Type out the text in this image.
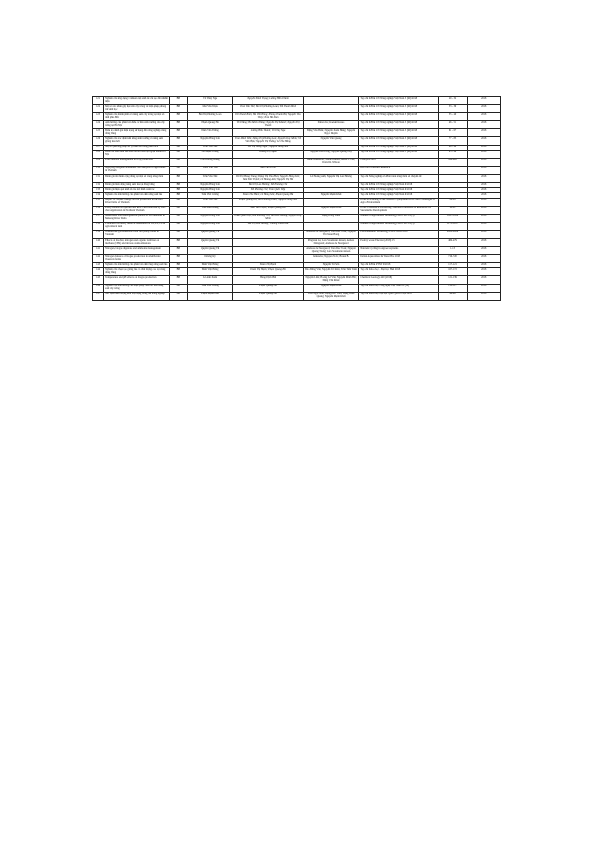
121	Nghiên cứu ứng dụng vi khuẩn nội sinh để cải tạo đất nhiễm mặn	BB	Võ Thùy Nga	Nguyễn Đình Trọng; Lương Hữu Thành		Tạp chí KH & CN Nông nghiệp Việt Nam 5 (90)/2018	29 - 32	2018
122	Một số tác nhân gây hại trên cây trồng và biện pháp phòng trừ sinh học	BB	Mai Văn Triệu	Trần Văn Thế; Bùi Thị Phương Loan; Đỗ Thanh Bình		Tạp chí KH & CN Nông nghiệp Việt Nam 5 (90)/2018	33 - 39	2018
123	Nghiên cứu thành phần và năng suất cây trồng tại một số tỉnh phía Bắc	BB	Bùi Thị Phương Loan	Đỗ Thanh Bình; Hà Viết Hùng; Phùng Thanh Hà; Nguyễn Thu Thủy; Trần Hà Nam		Tạp chí KH & CN Nông nghiệp Việt Nam 5 (90)/2018	35 - 40	2018
124	Ảnh hưởng của phân bón hữu cơ đến sinh trưởng của cây trồng tại Hà Nội	BB	Phạm Quang Hà	Võ Thắng; Hồ Minh Thắng; Nguyễn Thị Khánh; Nguyễn Thị Thanh	Simon Ito; Kazuki Kusuo	Tạp chí KH & CN Nông nghiệp Việt Nam 5 (90)/2018	46 - 51	2018
125	Điều tra đánh giá hiện trạng sử dụng đất nông nghiệp vùng đồng bằng	BB	Đàm Văn Thắng	Lương Hữu Thành; Võ Thùy Nga	Đặng Văn Hiền; Nguyễn Xuân Hùng; Nguyễn Ngọc Duyên	Tạp chí KH & CN Nông nghiệp Việt Nam 5 (90)/2018	61 - 67	2018
126	Nghiên cứu xác định khả năng sinh trưởng và năng suất giống lúa mới	BB	Nguyễn Hồng Sơn	Trần Minh Tiến; Đặng Thị Phương Lan; Nguyễn Duy Minh; Võ Văn Hậu; Nguyễn Thị Thắng; Lê Thu Hằng	Nguyễn Văn Quang	Tạp chí KH & CN Nông nghiệp Việt Nam 5 (90)/2018	77 - 85	2018
127	Một số phương pháp xử lý mẫu đất trong phân tích	BB	Trần Văn Thế	Đỗ Thị Hồng Ngọc; Nguyễn Hồng Sơn		Tạp chí KH & CN Nông nghiệp Việt Nam 5 (90)/2018	86 - 90	2018
128	Khảo sát tình hình sản xuất rau an toàn tại ngoại thành Hà Nội	BB	Hà Mạnh Thắng	Hoàng Thị Ngân	Nguyễn Tiến Long; Nguyễn Quang Huy	Tạp chí KH & CN Nông nghiệp Việt Nam 5 (90)/2018	95 - 99	2018
129	Plant nutrient management in crop production	BB	Cao Hương Giang		Anne Gustafson; Vanlie Dumas; Adam F. Lee; David R. Wilson	Catalysts 2018	414-428	2018
130	Applying marginal abatement cost analysis for agriculture in Vietnam	BB	Thoa Văn Thu	Mai Văn Trinh		Báo cáo Economic Research		2018
131	Đánh giá mô hình cộng đồng tại một số vùng nông thôn	BB	Trần Văn Thế	Đỗ Thị Hồng Trang; Đặng Thị Thu Hiền; Nguyễn Hồng Sơn; Mai Đức Thịnh; Lê Hoàng Anh; Nguyễn Thị Hà	Lê Hoàng Anh; Nguyễn Thị Lan Hương	Tạp chí Nông nghiệp và Phát triển nông thôn số chuyên đề		2018
132	Đánh giá biến động năng suất lúa tại đồng bằng	BB	Nguyễn Hồng Sơn	Bùi Thị Lan Hương; Đỗ Phương Chi		Tạp chí KH & CN Nông nghiệp Việt Nam 9/2018		2018
133	Đánh giá hiệu quả kinh tế của mô hình canh tác	BB	Nguyễn Hồng Sơn	Đỗ Phương Chi; Trần Quốc Tiệp		Tạp chí KH & CN Nông nghiệp Việt Nam 9/2018		2018
134	Nghiên cứu ảnh hưởng của phân bón đến năng suất lúa	BB	Trần Viết Cường	Đoàn Thu Hiền; Lê Hồng Sơn; Phạm Quang Hà	Nguyễn Mạnh Khải	Tạp chí KH & CN Nông nghiệp Việt Nam 9/2018		2018
135	Impact of climate change on rice production in the Red River Delta of Vietnam	BB	Trần Văn Thế	Phạm Quang Hà; Bùi Phương Loan; Nguyễn Hồng Sơn		In the Proceeding of the NAEGIS Symposium 2018 New Challenges of Agro-Environment	26-28	2018
136	Paddy Rainfed Properties and Rice Yield Affected by Bio-char Application in Northern Vietnam	BB	Trần Kim Giang	Mai Văn Thịnh; Phạm Quang Hà	Nguyễn Mạnh Khải	In the Conference Proceeding: National Utilization of Resources for Sustainable Development	18-21	2018
137	Assessment and heterogeneous pattern of soil nutrients in Mekong River Delta	BB	Nguyễn Hồng Sơn	Phan Quan Việt; Bùi Phương Chi; Bùi Lan Hương; Nguyễn Duy Minh	Đặng Hồng Lanh	Journal of Agricultural Technology 2018 Vol. 14 (3)	1097-1109	2018
138	Evaluation on heavy metal accumulation of Cu, Pb, Cd in agricultural land	BB	Nguyễn Hồng Sơn	Bùi Thị Lan Hương; Trương Thanh Hà		Journal of Agricultural Technology 2018 Vol. 14 (3)	1173-1187	2018
139	Greenhouse gas emissions from rice paddy fields in Vietnam	BB	Quyền Quang Vũ		Andreas de Neergaard; Tran Duc Toan; Nguyen Thi Xuan Hong	Environmental Technology ISSN: 0959-3330	2022-2029	2018
140	Effects of biochar, nitrogen and organic fertilizer on methane (CH4) and nitrous oxide emissions	BB	Quyền Quang Vũ		Pingxian Lu; Lars Stoumann Jensen; Anders Dalsgaard; Andreas de Neergaard	Poultry waste Elsevier (2018) 15	469-479	2018
141	Nitrogen, biogas digestate and ammonia management	BB	Quyền Quang Vũ		Andreas de Neergaard; Tran Duc Toan; Nguyen Quang Trung; Lars Stoumann Jensen	Nutrient Cycling in Agroecosystems	1-13	2018
142	Nitrogen balance of biogas production in smallholder livestock farms	BB	Dương Kỳ		Jamandre; Nguyen N.D.; Bruun B.	Italian Aquaculture & Water Bio 2018	716-720	2018
143	Nghiên cứu ảnh hưởng của phân bón đến tăng năng suất lúa	BB	Đinh Việt Hưng	Đoàn Thị Hạnh	Nguyễn Trí Sơn	Tạp chí KH & PTNT 9/2018	117-121	2018
144	Nghiên cứu chọn tạo giống lúa có chất lượng cao tại vùng đồng bằng	BB	Đinh Việt Hưng	Đoàn Thị Hạnh; Phạm Quang Hà	Đào Đăng Vân; Nguyễn Trí Kiên; Trần Tiến Tuấn	Tạp chí Khoa học - Đại học Huế 2018	167-172	2018
145	Temperature and pH effects on biogas production	BB	Lê Anh Xuân	Hồng Định Hải	Nguyễn Lâm; Hoàng Lê Văn; Nguyễn Minh Hải; Đặng Văn Khuê	Chemical Geology 420 (2018)	121-139	2018
146	Nghiên cứu ảnh hưởng của biện pháp canh tác đến năng suất cây trồng	BB	Trần Viết Cường	Phạm Quang Hà	Nguyễn Mạnh Khải	Tạp chí Khoa học công nghệ Việt Nam 61 (10)	112-117	2018
147	Xác định hàm lượng kim loại nặng trong đất nông nghiệp	BB	Phạm Mạnh Đăn	Phạm Quang Hà	Trần Ngọc Anh; Đặng Đức Vinh; Đặng Đình Quang; Nguyễn Mạnh Khải	Tạp chí Khoa học Đại học Quốc gia Hà Nội 2018	44-49	2018
